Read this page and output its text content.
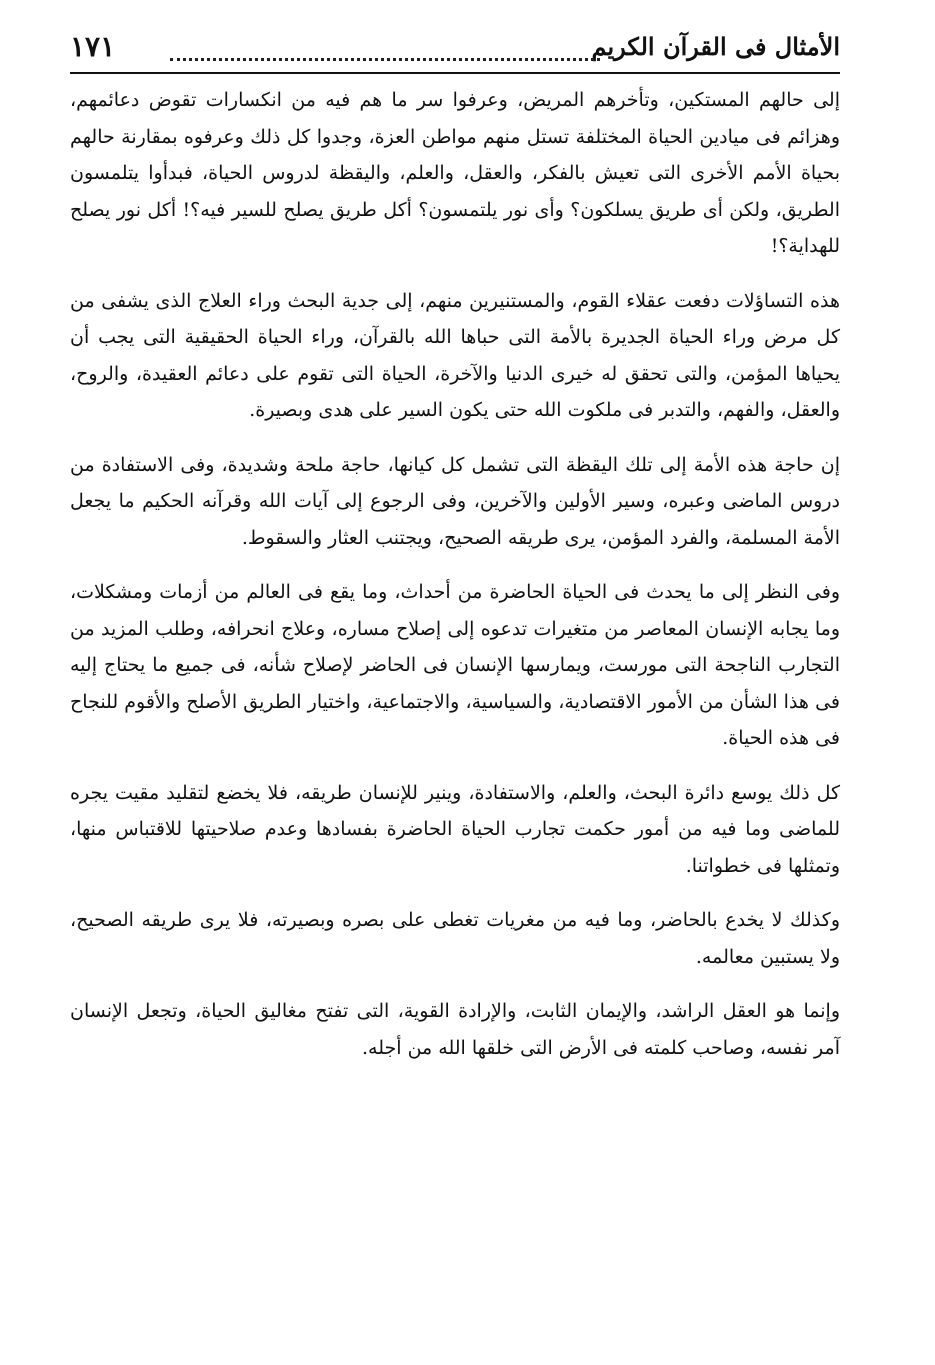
الأمثال فى القرآن الكريم
١٧١

إلى حالهم المستكين، وتأخرهم المريض، وعرفوا سر ما هم فيه من انكسارات تقوض دعائمهم، وهزائم فى ميادين الحياة المختلفة تستل منهم مواطن العزة، وجدوا كل ذلك وعرفوه بمقارنة حالهم بحياة الأمم الأخرى التى تعيش بالفكر، والعقل، والعلم، واليقظة لدروس الحياة، فبدأوا يتلمسون الطريق، ولكن أى طريق يسلكون؟ وأى نور يلتمسون؟ أكل طريق يصلح للسير فيه؟! أكل نور يصلح للهداية؟!

هذه التساؤلات دفعت عقلاء القوم، والمستنيرين منهم، إلى جدية البحث وراء العلاج الذى يشفى من كل مرض وراء الحياة الجديرة بالأمة التى حباها الله بالقرآن، وراء الحياة الحقيقية التى يجب أن يحياها المؤمن، والتى تحقق له خيرى الدنيا والآخرة، الحياة التى تقوم على دعائم العقيدة، والروح، والعقل، والفهم، والتدبر فى ملكوت الله حتى يكون السير على هدى وبصيرة.

إن حاجة هذه الأمة إلى تلك اليقظة التى تشمل كل كيانها، حاجة ملحة وشديدة، وفى الاستفادة من دروس الماضى وعبره، وسير الأولين والآخرين، وفى الرجوع إلى آيات الله وقرآنه الحكيم ما يجعل الأمة المسلمة، والفرد المؤمن، يرى طريقه الصحيح، ويجتنب العثار والسقوط.

وفى النظر إلى ما يحدث فى الحياة الحاضرة من أحداث، وما يقع فى العالم من أزمات ومشكلات، وما يجابه الإنسان المعاصر من متغيرات تدعوه إلى إصلاح مساره، وعلاج انحرافه، وطلب المزيد من التجارب الناجحة التى مورست، ويمارسها الإنسان فى الحاضر لإصلاح شأنه، فى جميع ما يحتاج إليه فى هذا الشأن من الأمور الاقتصادية، والسياسية، والاجتماعية، واختيار الطريق الأصلح والأقوم للنجاح فى هذه الحياة.

كل ذلك يوسع دائرة البحث، والعلم، والاستفادة، وينير للإنسان طريقه، فلا يخضع لتقليد مقيت يجره للماضى وما فيه من أمور حكمت تجارب الحياة الحاضرة بفسادها وعدم صلاحيتها للاقتباس منها، وتمثلها فى خطواتنا.

وكذلك لا يخدع بالحاضر، وما فيه من مغريات تغطى على بصره وبصيرته، فلا يرى طريقه الصحيح، ولا يستبين معالمه.

وإنما هو العقل الراشد، والإيمان الثابت، والإرادة القوية، التى تفتح مغاليق الحياة، وتجعل الإنسان آمر نفسه، وصاحب كلمته فى الأرض التى خلقها الله من أجله.
